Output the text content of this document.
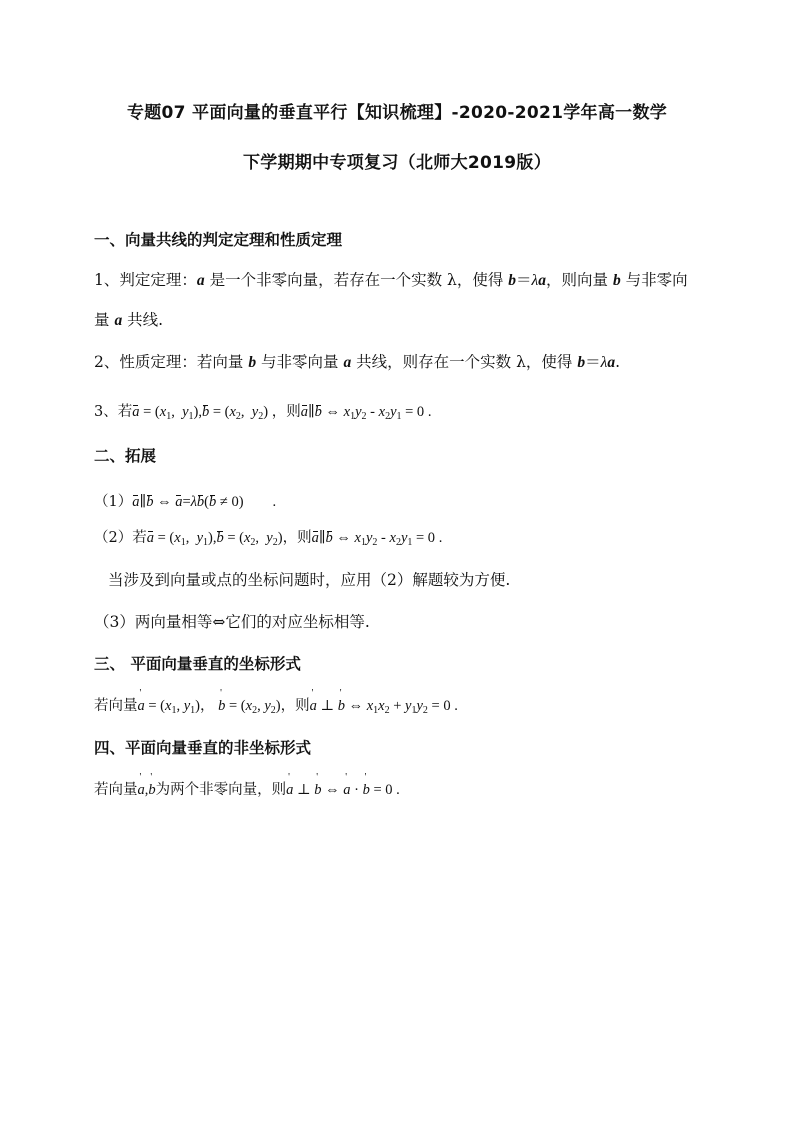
专题07 平面向量的垂直平行【知识梳理】-2020-2021学年高一数学
下学期期中专项复习（北师大2019版）
一、向量共线的判定定理和性质定理
1、判定定理：a 是一个非零向量，若存在一个实数 λ，使得 b＝λa，则向量 b 与非零向
量 a 共线.
2、性质定理：若向量 b 与非零向量 a 共线，则存在一个实数 λ，使得 b＝λa.
3、若$a = (x_1$,  $y_1),b = (x_2$,  $y_2$) ，则a∥b ⇔ $x_1y_2 - x_2y_1 = 0$ .
二、拓展
（1）a∥b ⇔ a=λb(b ≠ 0)        .
（2）若$a = (x_1$,  $y_1),b = (x_2$,  $y_2$)，则a∥b ⇔ $x_1y_2 - x_2y_1 = 0$ .
当涉及到向量或点的坐标问题时，应用（2）解题较为方便.
（3）两向量相等⇔它们的对应坐标相等.
三、 平面向量垂直的坐标形式
若向量' $a = (x_1$, $y_1$)， ' $b = (x_2$, $y_2$)，则' a ⊥ ' b ⇔ $x_1x_2 + y_1y_2 = 0$ .
四、平面向量垂直的非坐标形式
若向量' a,' b为两个非零向量，则' a ⊥ ' b ⇔ ' a · ' b = 0 .
